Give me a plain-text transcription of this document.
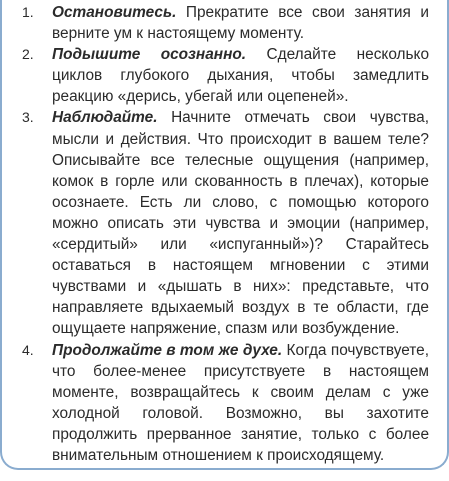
1.	Остановитесь. Прекратите все свои занятия и верните ум к настоящему моменту.
2.	Подышите осознанно. Сделайте несколько циклов глубокого дыхания, чтобы замедлить реакцию «дерись, убегай или оцепеней».
3.	Наблюдайте. Начните отмечать свои чувства, мысли и действия. Что происходит в вашем теле? Описывайте все телесные ощущения (например, комок в горле или скованность в плечах), которые осознаете. Есть ли слово, с помощью которого можно описать эти чувства и эмоции (например, «сердитый» или «испуганный»)? Старайтесь оставаться в настоящем мгновении с этими чувствами и «дышать в них»: представьте, что направляете вдыхаемый воздух в те области, где ощущаете напряжение, спазм или возбуждение.
4.	Продолжайте в том же духе. Когда почувствуете, что более-менее присутствуете в настоящем моменте, возвращайтесь к своим делам с уже холодной головой. Возможно, вы захотите продолжить прерванное занятие, только с более внимательным отношением к происходящему.
